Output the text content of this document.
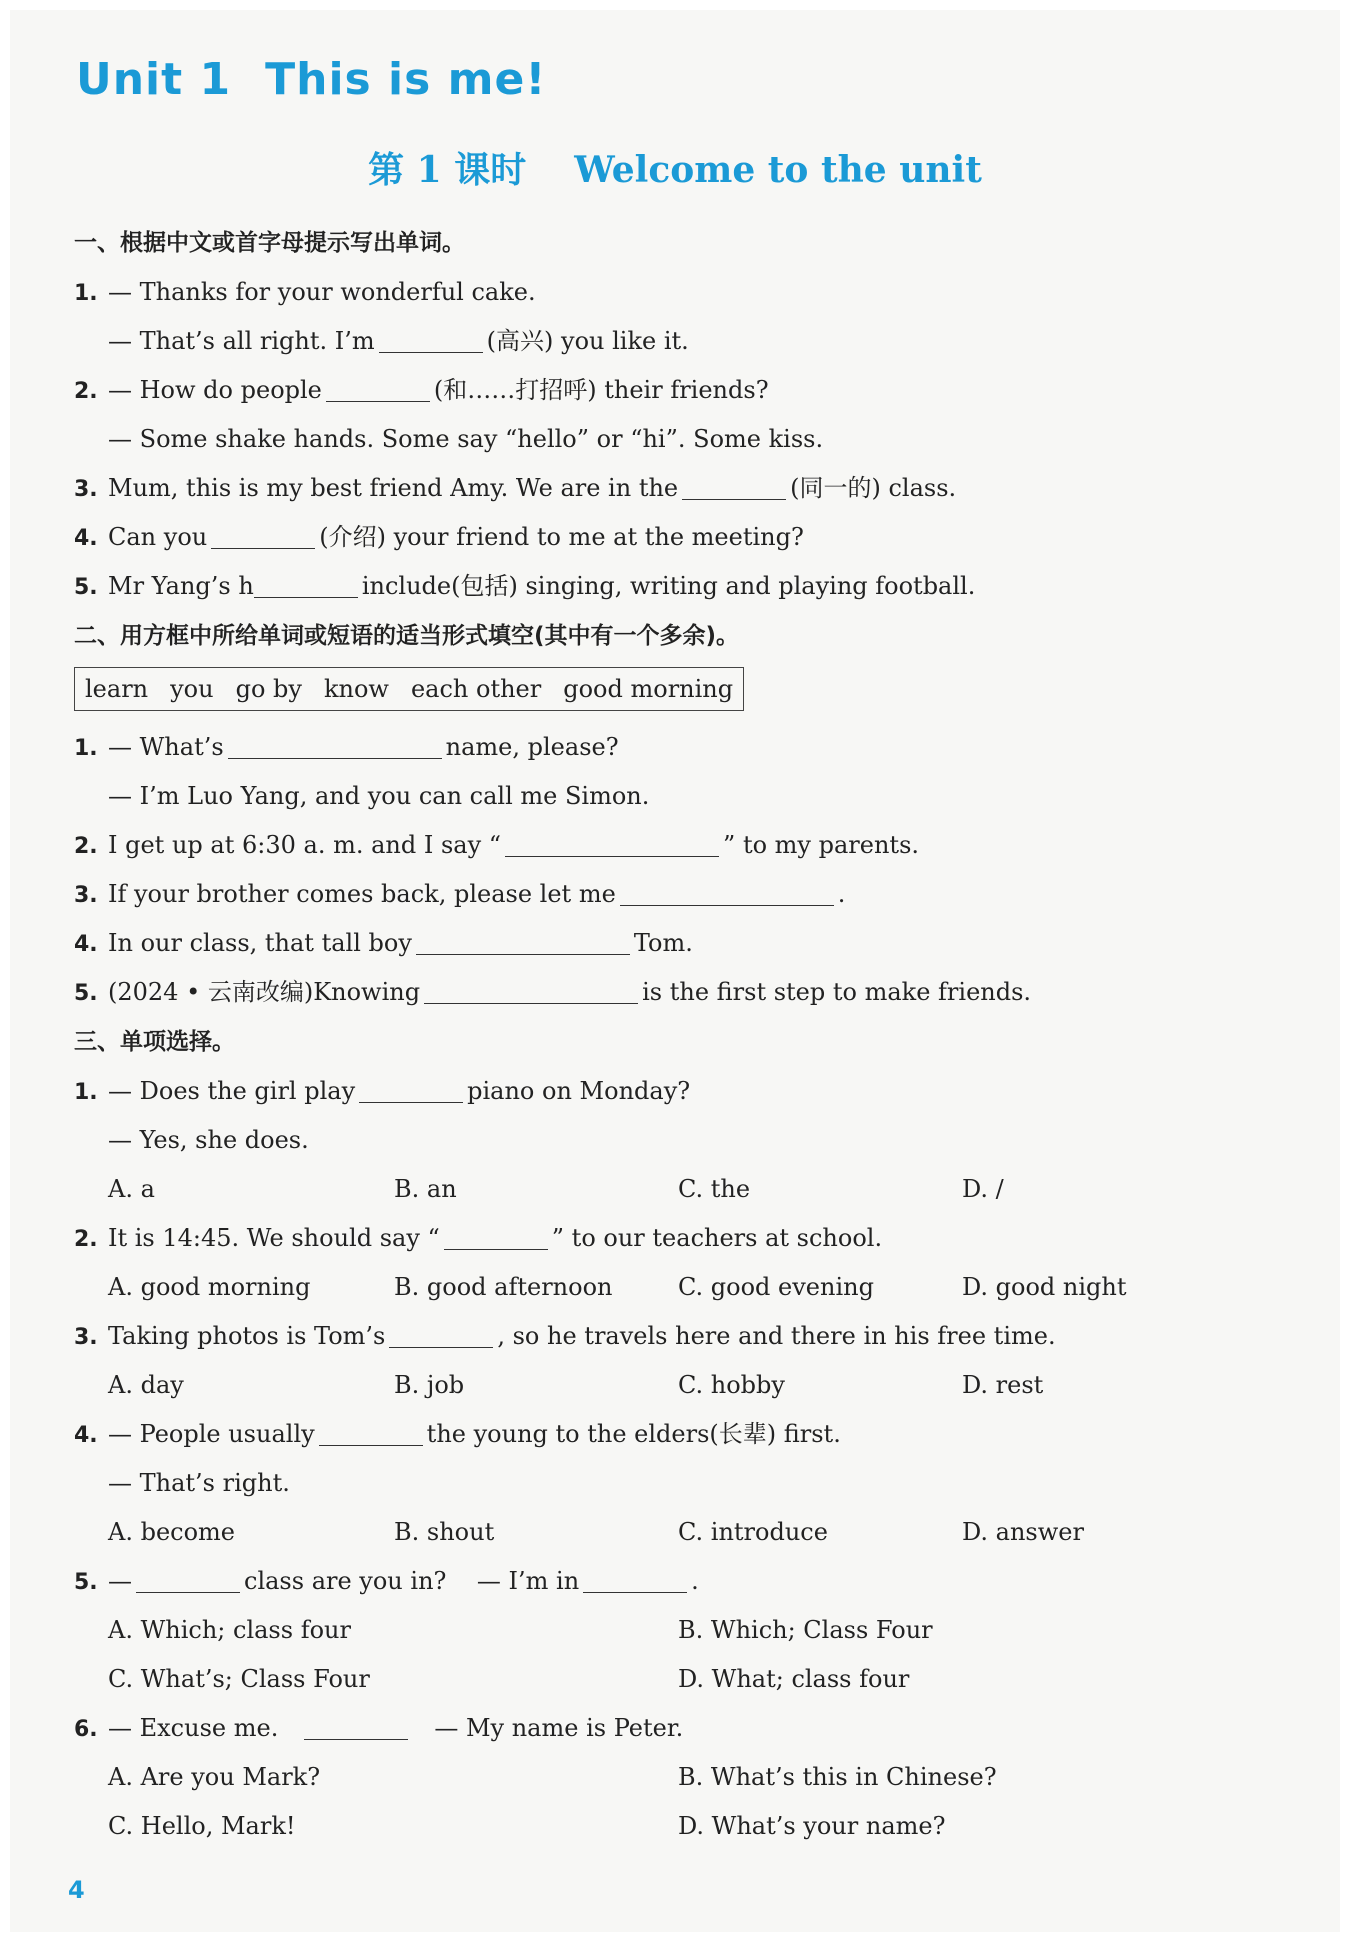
Unit 1 This is me!
第 1 课时 Welcome to the unit
一、根据中文或首字母提示写出单词。
1. — Thanks for your wonderful cake.
— That’s all right. I’m	(高兴) you like it.
2. — How do people	(和……打招呼) their friends?
— Some shake hands. Some say “hello” or “hi”. Some kiss.
3. Mum, this is my best friend Amy. We are in the	(同一的) class.
4. Can you	(介绍) your friend to me at the meeting?
5. Mr Yang’s h	include(包括) singing, writing and playing football.
二、用方框中所给单词或短语的适当形式填空(其中有一个多余)。
learn you go by know each other good morning
1. — What’s	name, please?
— I’m Luo Yang, and you can call me Simon.
2. I get up at 6:30 a. m. and I say “	” to my parents.
3. If your brother comes back, please let me	.
4. In our class, that tall boy	Tom.
5. (2024 • 云南改编)Knowing	is the first step to make friends.
三、单项选择。
1. — Does the girl play	piano on Monday?
— Yes, she does.
A. a	B. an	C. the	D. /
2. It is 14:45. We should say “	” to our teachers at school.
A. good morning	B. good afternoon	C. good evening	D. good night
3. Taking photos is Tom’s	, so he travels here and there in his free time.
A. day	B. job	C. hobby	D. rest
4. — People usually	the young to the elders(长辈) first.
— That’s right.
A. become	B. shout	C. introduce	D. answer
5. —	class are you in?    — I’m in	.
A. Which; class four	B. Which; Class Four
C. What’s; Class Four	D. What; class four
6. — Excuse me.	— My name is Peter.
A. Are you Mark?	B. What’s this in Chinese?
C. Hello, Mark!	D. What’s your name?
4
